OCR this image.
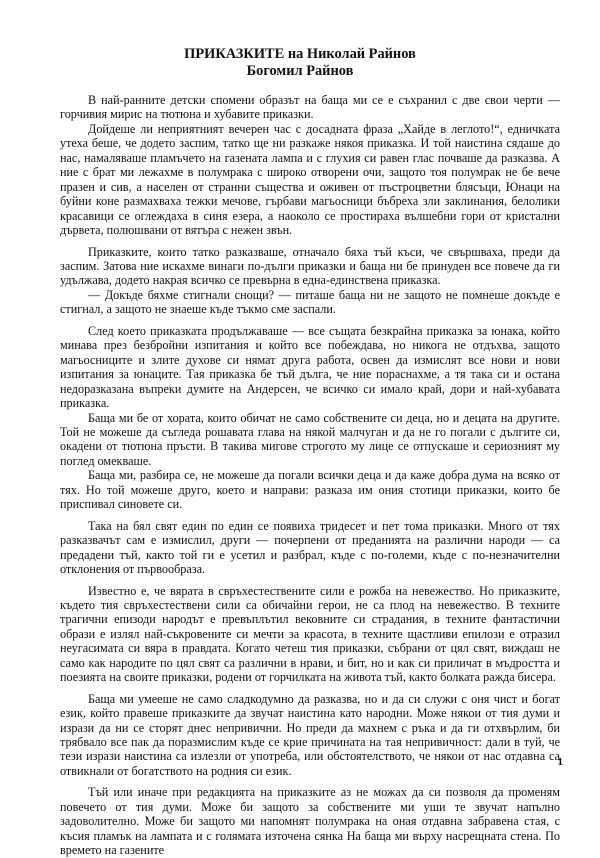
ПРИКАЗКИТЕ на Николай Райнов
Богомил Райнов

В най-ранните детски спомени образът на баща ми се е съхранил с две свои черти — горчивия мирис на тютюна и хубавите приказки.

Дойдеше ли неприятният вечерен час с досадната фраза „Хайде в леглото!“, едничката утеха беше, че додето заспим, татко ще ни разкаже някоя приказка. И той наистина сядаше до нас, намаляваше пламъчето на газената лампа и с глухия си равен глас почваше да разказва. А ние с брат ми лежахме в полумрака с широко отворени очи, защото тоя полумрак не бе вече празен и сив, а населен от странни същества и оживен от пъстроцветни блясъци, Юнаци на буйни коне размахваха тежки мечове, гърбави магьосници бъбреха зли заклинания, белолики красавици се оглеждаха в синя езера, а наоколо се простираха вълшебни гори от кристални дървета, полюшвани от вятъра с нежен звън.

Приказките, които татко разказваше, отначало бяха тъй къси, че свършваха, преди да заспим. Затова ние искахме винаги по-дълги приказки и баща ни бе принуден все повече да ги удължава, додето накрая всичко се превърна в една-единствена приказка.

— Докъде бяхме стигнали снощи? — питаше баща ни не защото не помнеше докъде е стигнал, а защото не знаеше къде тъкмо сме заспали.

След което приказката продължаваше — все същата безкрайна приказка за юнака, който минава през безбройни изпитания и който все побеждава, но никога не отдъхва, защото магьосниците и злите духове си нямат друга работа, освен да измислят все нови и нови изпитания за юнаците. Тая приказка бе тъй дълга, че ние пораснахме, а тя така си и остана недоразказана въпреки думите на Андерсен, че всичко си имало край, дори и най-хубавата приказка.

Баща ми бе от хората, които обичат не само собствените си деца, но и децата на другите. Той не можеше да съгледа рошавата глава на някой малчуган и да не го погали с дългите си, окадени от тютюна пръсти. В такива мигове строгото му лице се отпускаше и сериозният му поглед омекваше.

Баща ми, разбира се, не можеше да погали всички деца и да каже добра дума на всяко от тях. Но той можеше друго, което и направи: разказа им ония стотици приказки, които бе приспивал синовете си.

Така на бял свят един по един се появиха тридесет и пет тома приказки. Много от тях разказвачът сам е измислил, други — почерпени от преданията на различни народи — са предадени тъй, както той ги е усетил и разбрал, къде с по-големи, къде с по-незначителни отклонения от първообраза.

Известно е, че вярата в свръхестествените сили е рожба на невежество. Но приказките, където тия свръхестествени сили са обичайни герои, не са плод на невежество. В техните трагични епизоди народът е превъплътил вековните си страдания, в техните фантастични образи е излял най-съкровените си мечти за красота, в техните щастливи епилози е отразил неугасимата си вяра в правдата. Когато четеш тия приказки, събрани от цял свят, виждаш не само как народите по цял свят са различни в нрави, и бит, но и как си приличат в мъдростта и поезията на своите приказки, родени от горчилката на живота тъй, както болката ражда бисера.

Баща ми умееше не само сладкодумно да разказва, но и да си служи с оня чист и богат език, който правеше приказките да звучат наистина като народни. Може някои от тия думи и изрази да ни се сторят днес непривични. Но преди да махнем с ръка и да ги отхвърлим, би трябвало все пак да поразмислим къде се крие причината на тая непривичност: дали в туй, че тези изрази наистина са излезли от употреба, или обстоятелството, че някои от нас отдавна са отвикнали от богатството на родния си език.

Тъй или иначе при редакцията на приказките аз не можах да си позволя да променям повечето от тия думи. Може би защото за собствените ми уши те звучат напълно задоволително. Може би защото ми напомнят полумрака на оная отдавна забравена стая, с късия пламък на лампата и с голямата източена сянка На баща ми върху насрещната стена. По времето на газените

1
